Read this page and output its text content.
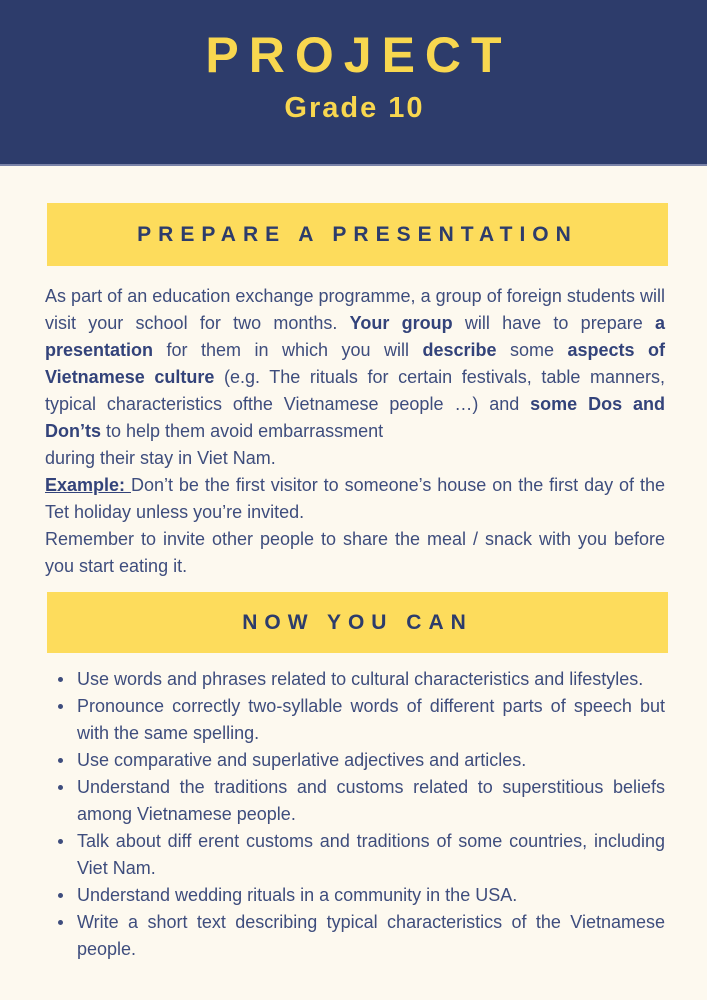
PROJECT
Grade 10
PREPARE A PRESENTATION
As part of an education exchange programme, a group of foreign students will visit your school for two months. Your group will have to prepare a presentation for them in which you will describe some aspects of Vietnamese culture (e.g. The rituals for certain festivals, table manners, typical characteristics ofthe Vietnamese people …) and some Dos and Don’ts to help them avoid embarrassment
during their stay in Viet Nam.
Example: Don’t be the first visitor to someone’s house on the first day of the Tet holiday unless you’re invited.
Remember to invite other people to share the meal / snack with you before you start eating it.
NOW YOU CAN
• Use words and phrases related to cultural characteristics and lifestyles.
• Pronounce correctly two-syllable words of different parts of speech but with the same spelling.
• Use comparative and superlative adjectives and articles.
• Understand the traditions and customs related to superstitious beliefs among Vietnamese people.
• Talk about diff erent customs and traditions of some countries, including Viet Nam.
• Understand wedding rituals in a community in the USA.
• Write a short text describing typical characteristics of the Vietnamese people.
